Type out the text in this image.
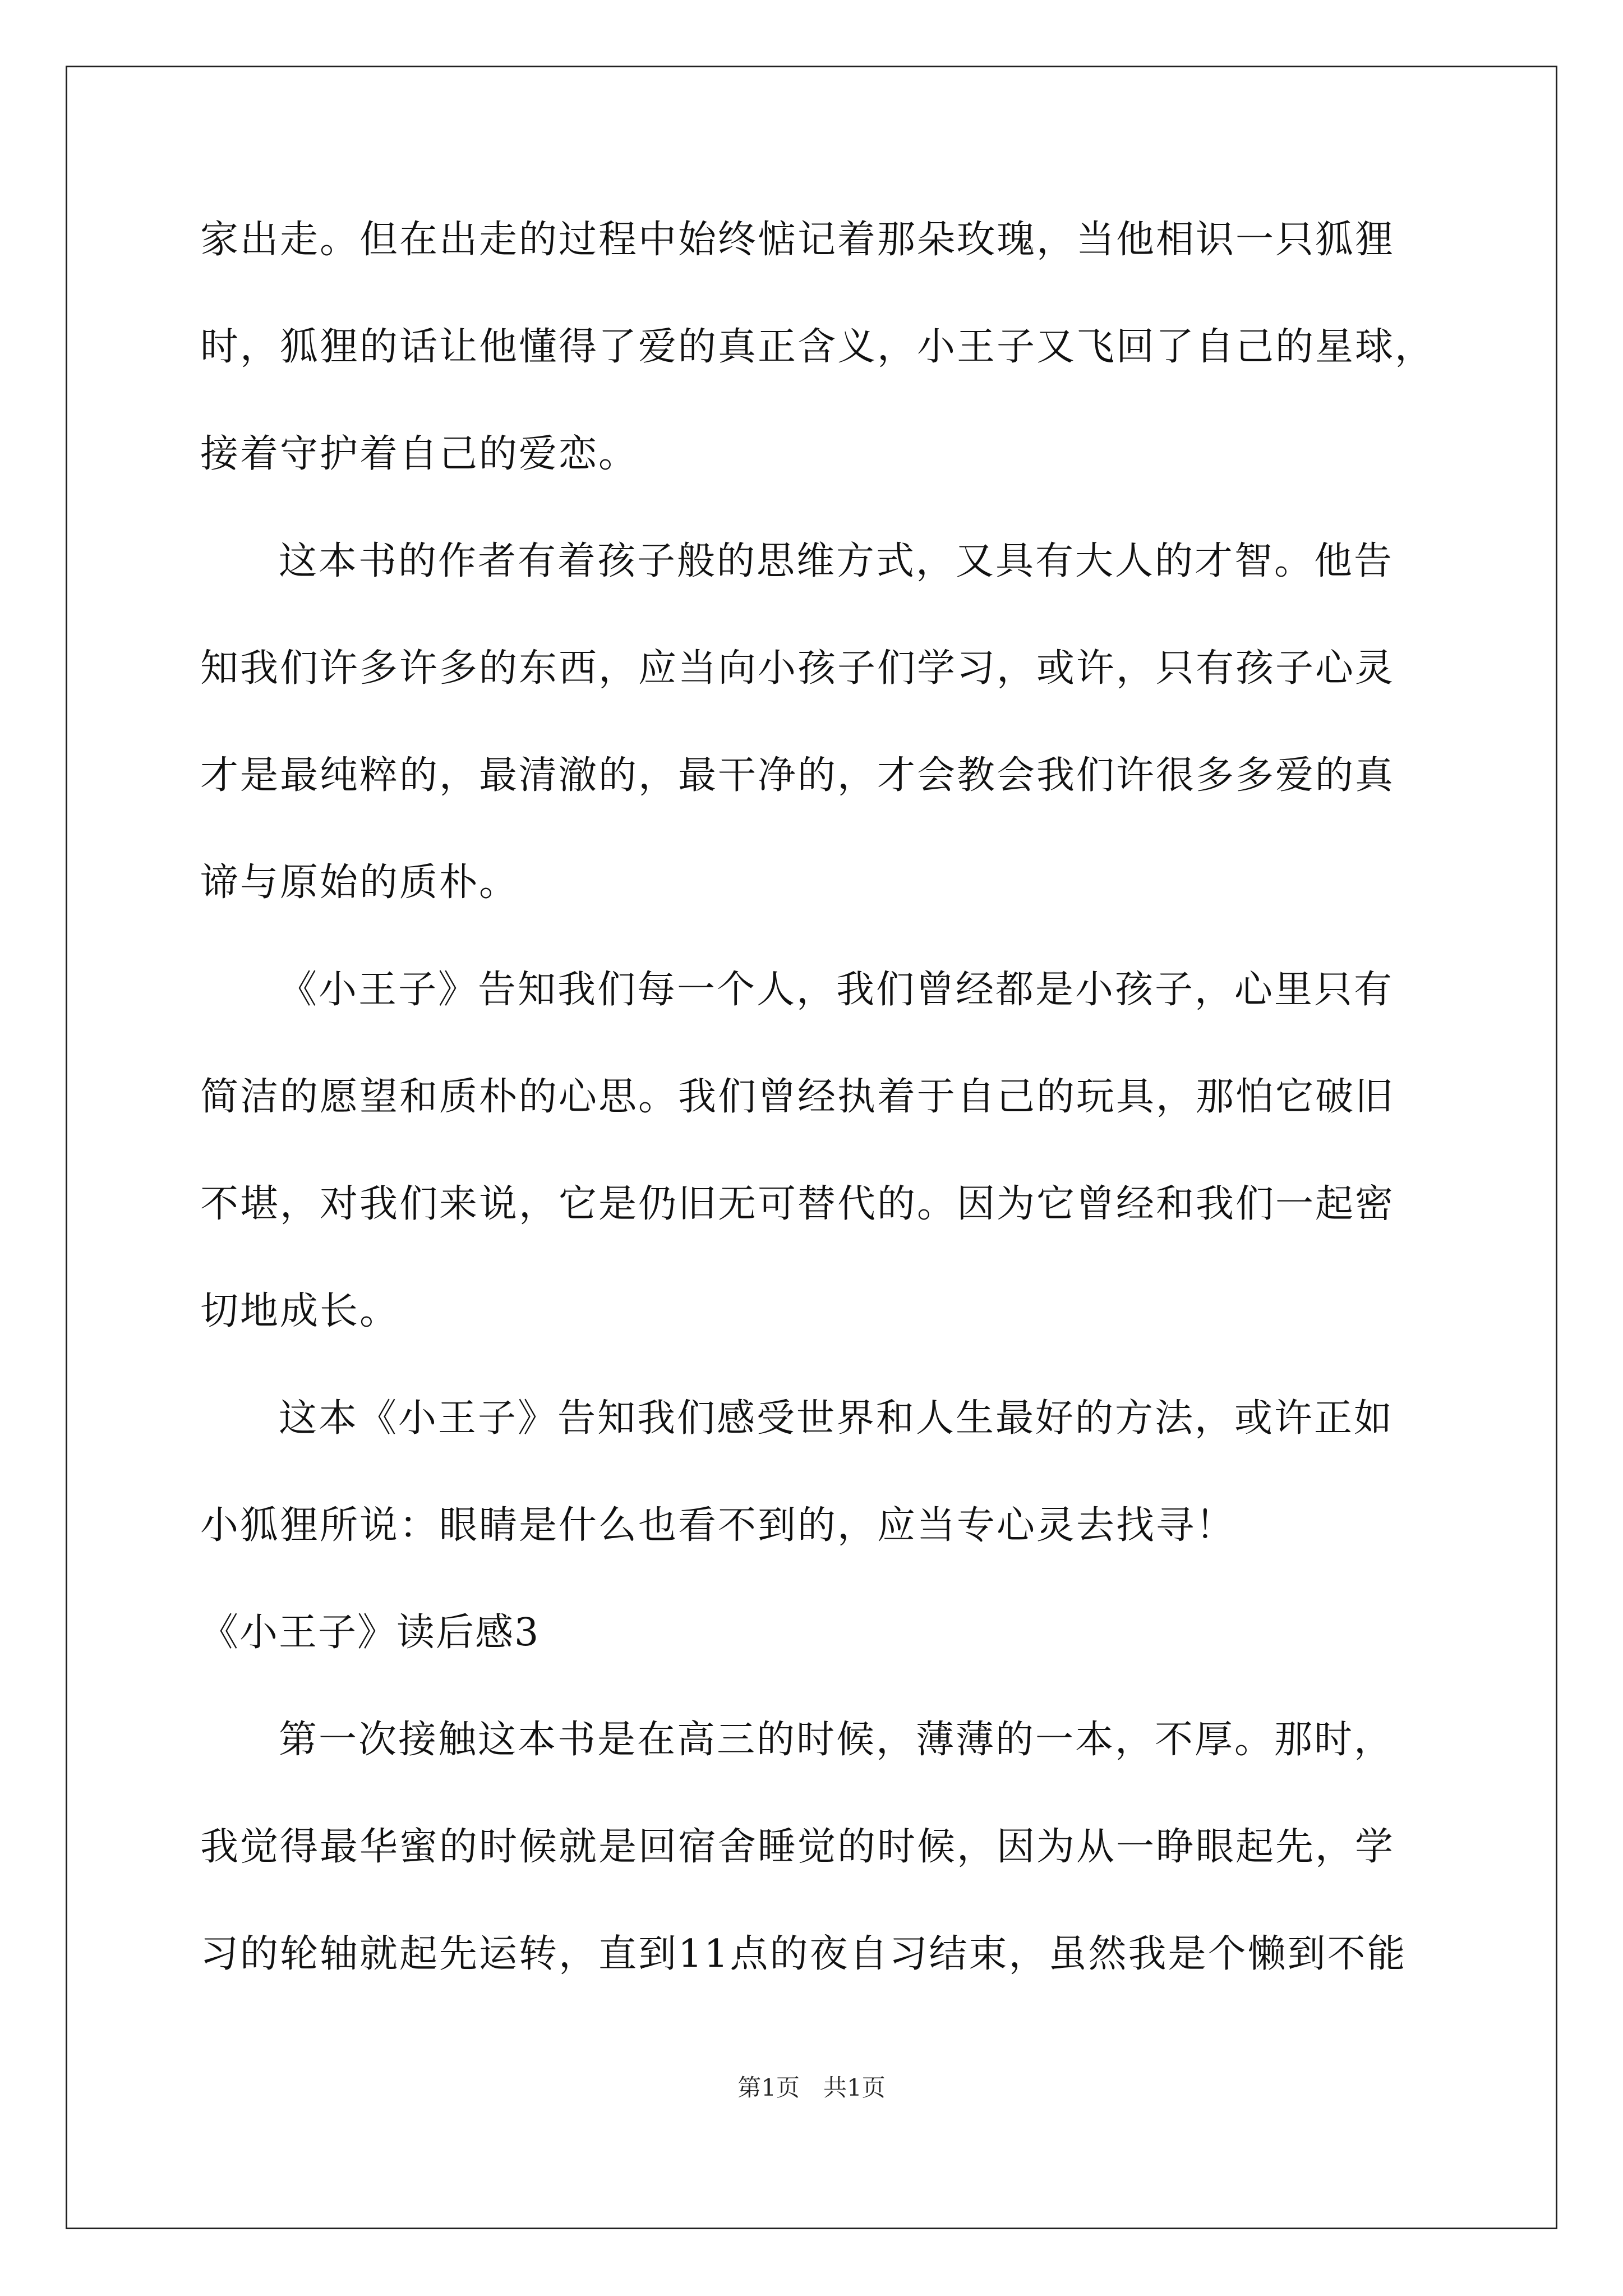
家出走。但在出走的过程中始终惦记着那朵玫瑰，当他相识一只狐狸
时，狐狸的话让他懂得了爱的真正含义，小王子又飞回了自己的星球，
接着守护着自己的爱恋。
这本书的作者有着孩子般的思维方式，又具有大人的才智。他告
知我们许多许多的东西，应当向小孩子们学习，或许，只有孩子心灵
才是最纯粹的，最清澈的，最干净的，才会教会我们许很多多爱的真
谛与原始的质朴。
《小王子》告知我们每一个人，我们曾经都是小孩子，心里只有
简洁的愿望和质朴的心思。我们曾经执着于自己的玩具，那怕它破旧
不堪，对我们来说，它是仍旧无可替代的。因为它曾经和我们一起密
切地成长。
这本《小王子》告知我们感受世界和人生最好的方法，或许正如
小狐狸所说：眼睛是什么也看不到的，应当专心灵去找寻！
《小王子》读后感3
第一次接触这本书是在高三的时候，薄薄的一本，不厚。那时，
我觉得最华蜜的时候就是回宿舍睡觉的时候，因为从一睁眼起先，学
习的轮轴就起先运转，直到11点的夜自习结束，虽然我是个懒到不能
第1页　共1页
